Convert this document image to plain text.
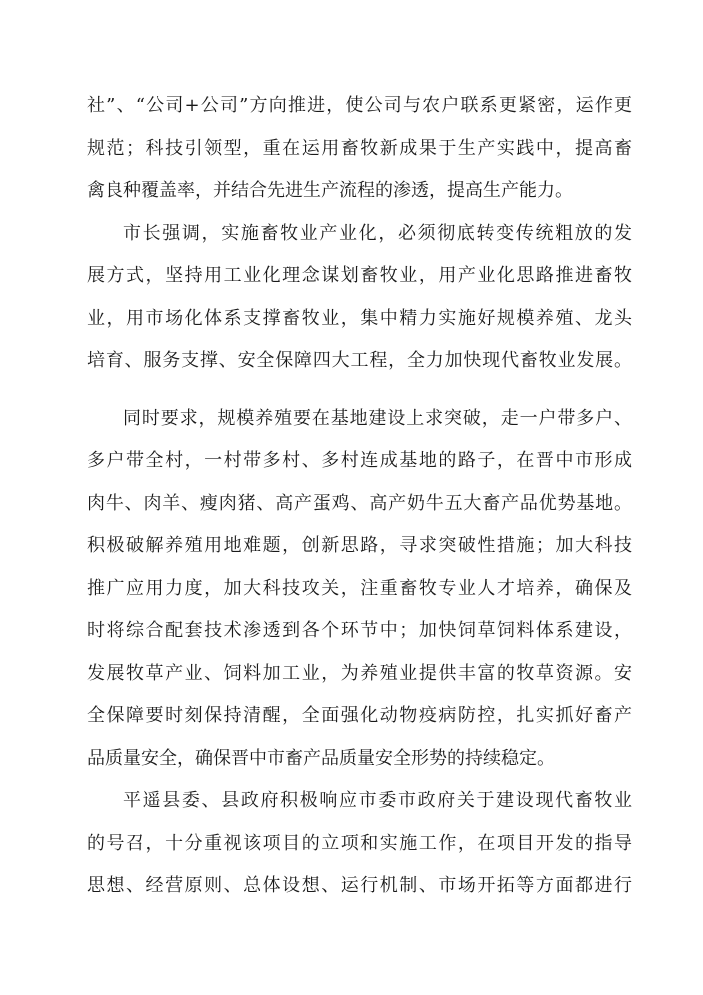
社”、“公司+公司”方向推进，使公司与农户联系更紧密，运作更
规范；科技引领型，重在运用畜牧新成果于生产实践中，提高畜
禽良种覆盖率，并结合先进生产流程的渗透，提高生产能力。
市长强调，实施畜牧业产业化，必须彻底转变传统粗放的发
展方式，坚持用工业化理念谋划畜牧业，用产业化思路推进畜牧
业，用市场化体系支撑畜牧业，集中精力实施好规模养殖、龙头
培育、服务支撑、安全保障四大工程，全力加快现代畜牧业发展。
同时要求，规模养殖要在基地建设上求突破，走一户带多户、
多户带全村，一村带多村、多村连成基地的路子，在晋中市形成
肉牛、肉羊、瘦肉猪、高产蛋鸡、高产奶牛五大畜产品优势基地。
积极破解养殖用地难题，创新思路，寻求突破性措施；加大科技
推广应用力度，加大科技攻关，注重畜牧专业人才培养，确保及
时将综合配套技术渗透到各个环节中；加快饲草饲料体系建设，
发展牧草产业、饲料加工业，为养殖业提供丰富的牧草资源。安
全保障要时刻保持清醒，全面强化动物疫病防控，扎实抓好畜产
品质量安全，确保晋中市畜产品质量安全形势的持续稳定。
平遥县委、县政府积极响应市委市政府关于建设现代畜牧业
的号召，十分重视该项目的立项和实施工作，在项目开发的指导
思想、经营原则、总体设想、运行机制、市场开拓等方面都进行
